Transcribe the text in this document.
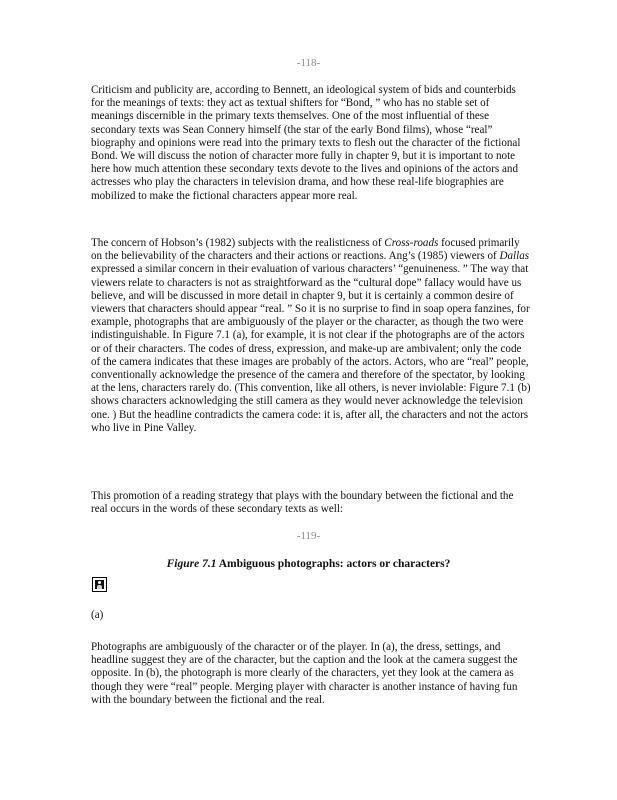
-118-

Criticism and publicity are, according to Bennett, an ideological system of bids and counterbids for the meanings of texts: they act as textual shifters for “Bond, ” who has no stable set of meanings discernible in the primary texts themselves. One of the most influential of these secondary texts was Sean Connery himself (the star of the early Bond films), whose “real” biography and opinions were read into the primary texts to flesh out the character of the fictional Bond. We will discuss the notion of character more fully in chapter 9, but it is important to note here how much attention these secondary texts devote to the lives and opinions of the actors and actresses who play the characters in television drama, and how these real-life biographies are mobilized to make the fictional characters appear more real.

The concern of Hobson’s (1982) subjects with the realisticness of Cross-roads focused primarily on the believability of the characters and their actions or reactions. Ang’s (1985) viewers of Dallas expressed a similar concern in their evaluation of various characters’ “genuineness. ” The way that viewers relate to characters is not as straightforward as the “cultural dope” fallacy would have us believe, and will be discussed in more detail in chapter 9, but it is certainly a common desire of viewers that characters should appear “real. ” So it is no surprise to find in soap opera fanzines, for example, photographs that are ambiguously of the player or the character, as though the two were indistinguishable. In Figure 7.1 (a), for example, it is not clear if the photographs are of the actors or of their characters. The codes of dress, expression, and make-up are ambivalent; only the code of the camera indicates that these images are probably of the actors. Actors, who are “real” people, conventionally acknowledge the presence of the camera and therefore of the spectator, by looking at the lens, characters rarely do. (This convention, like all others, is never inviolable: Figure 7.1 (b) shows characters acknowledging the still camera as they would never acknowledge the television one. ) But the headline contradicts the camera code: it is, after all, the characters and not the actors who live in Pine Valley.

This promotion of a reading strategy that plays with the boundary between the fictional and the real occurs in the words of these secondary texts as well:

-119-
Figure 7.1 Ambiguous photographs: actors or characters?
(a)

Photographs are ambiguously of the character or of the player. In (a), the dress, settings, and headline suggest they are of the character, but the caption and the look at the camera suggest the opposite. In (b), the photograph is more clearly of the characters, yet they look at the camera as though they were “real” people. Merging player with character is another instance of having fun with the boundary between the fictional and the real.
